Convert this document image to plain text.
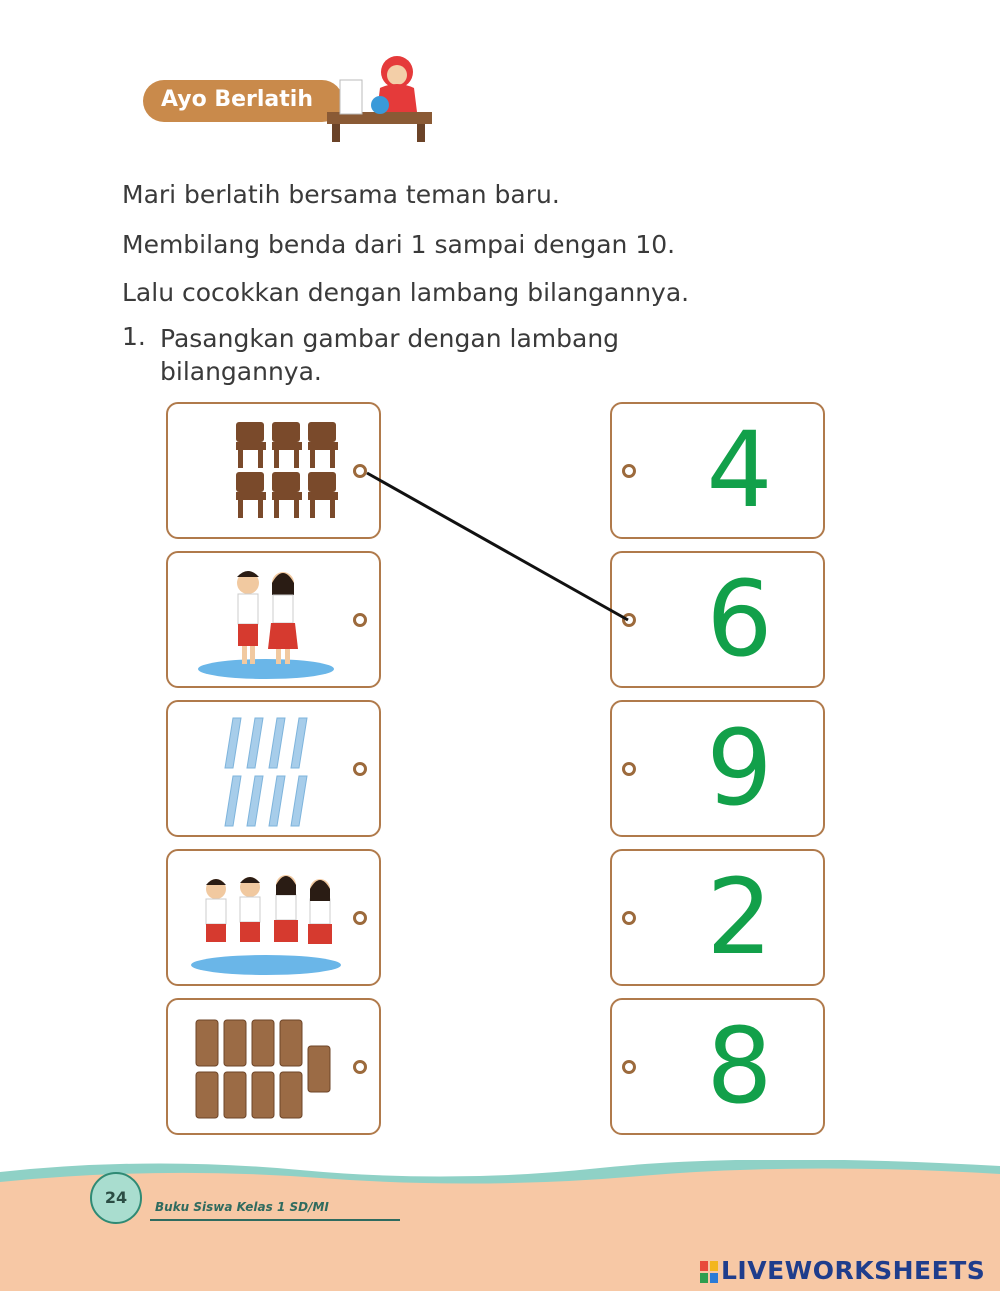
Ayo Berlatih
Mari berlatih bersama teman baru.
Membilang benda dari 1 sampai dengan 10.
Lalu cocokkan dengan lambang bilangannya.
1. Pasangkan gambar dengan lambang bilangannya.
4
6
9
2
8
24	Buku Siswa Kelas 1 SD/MI
LIVEWORKSHEETS
